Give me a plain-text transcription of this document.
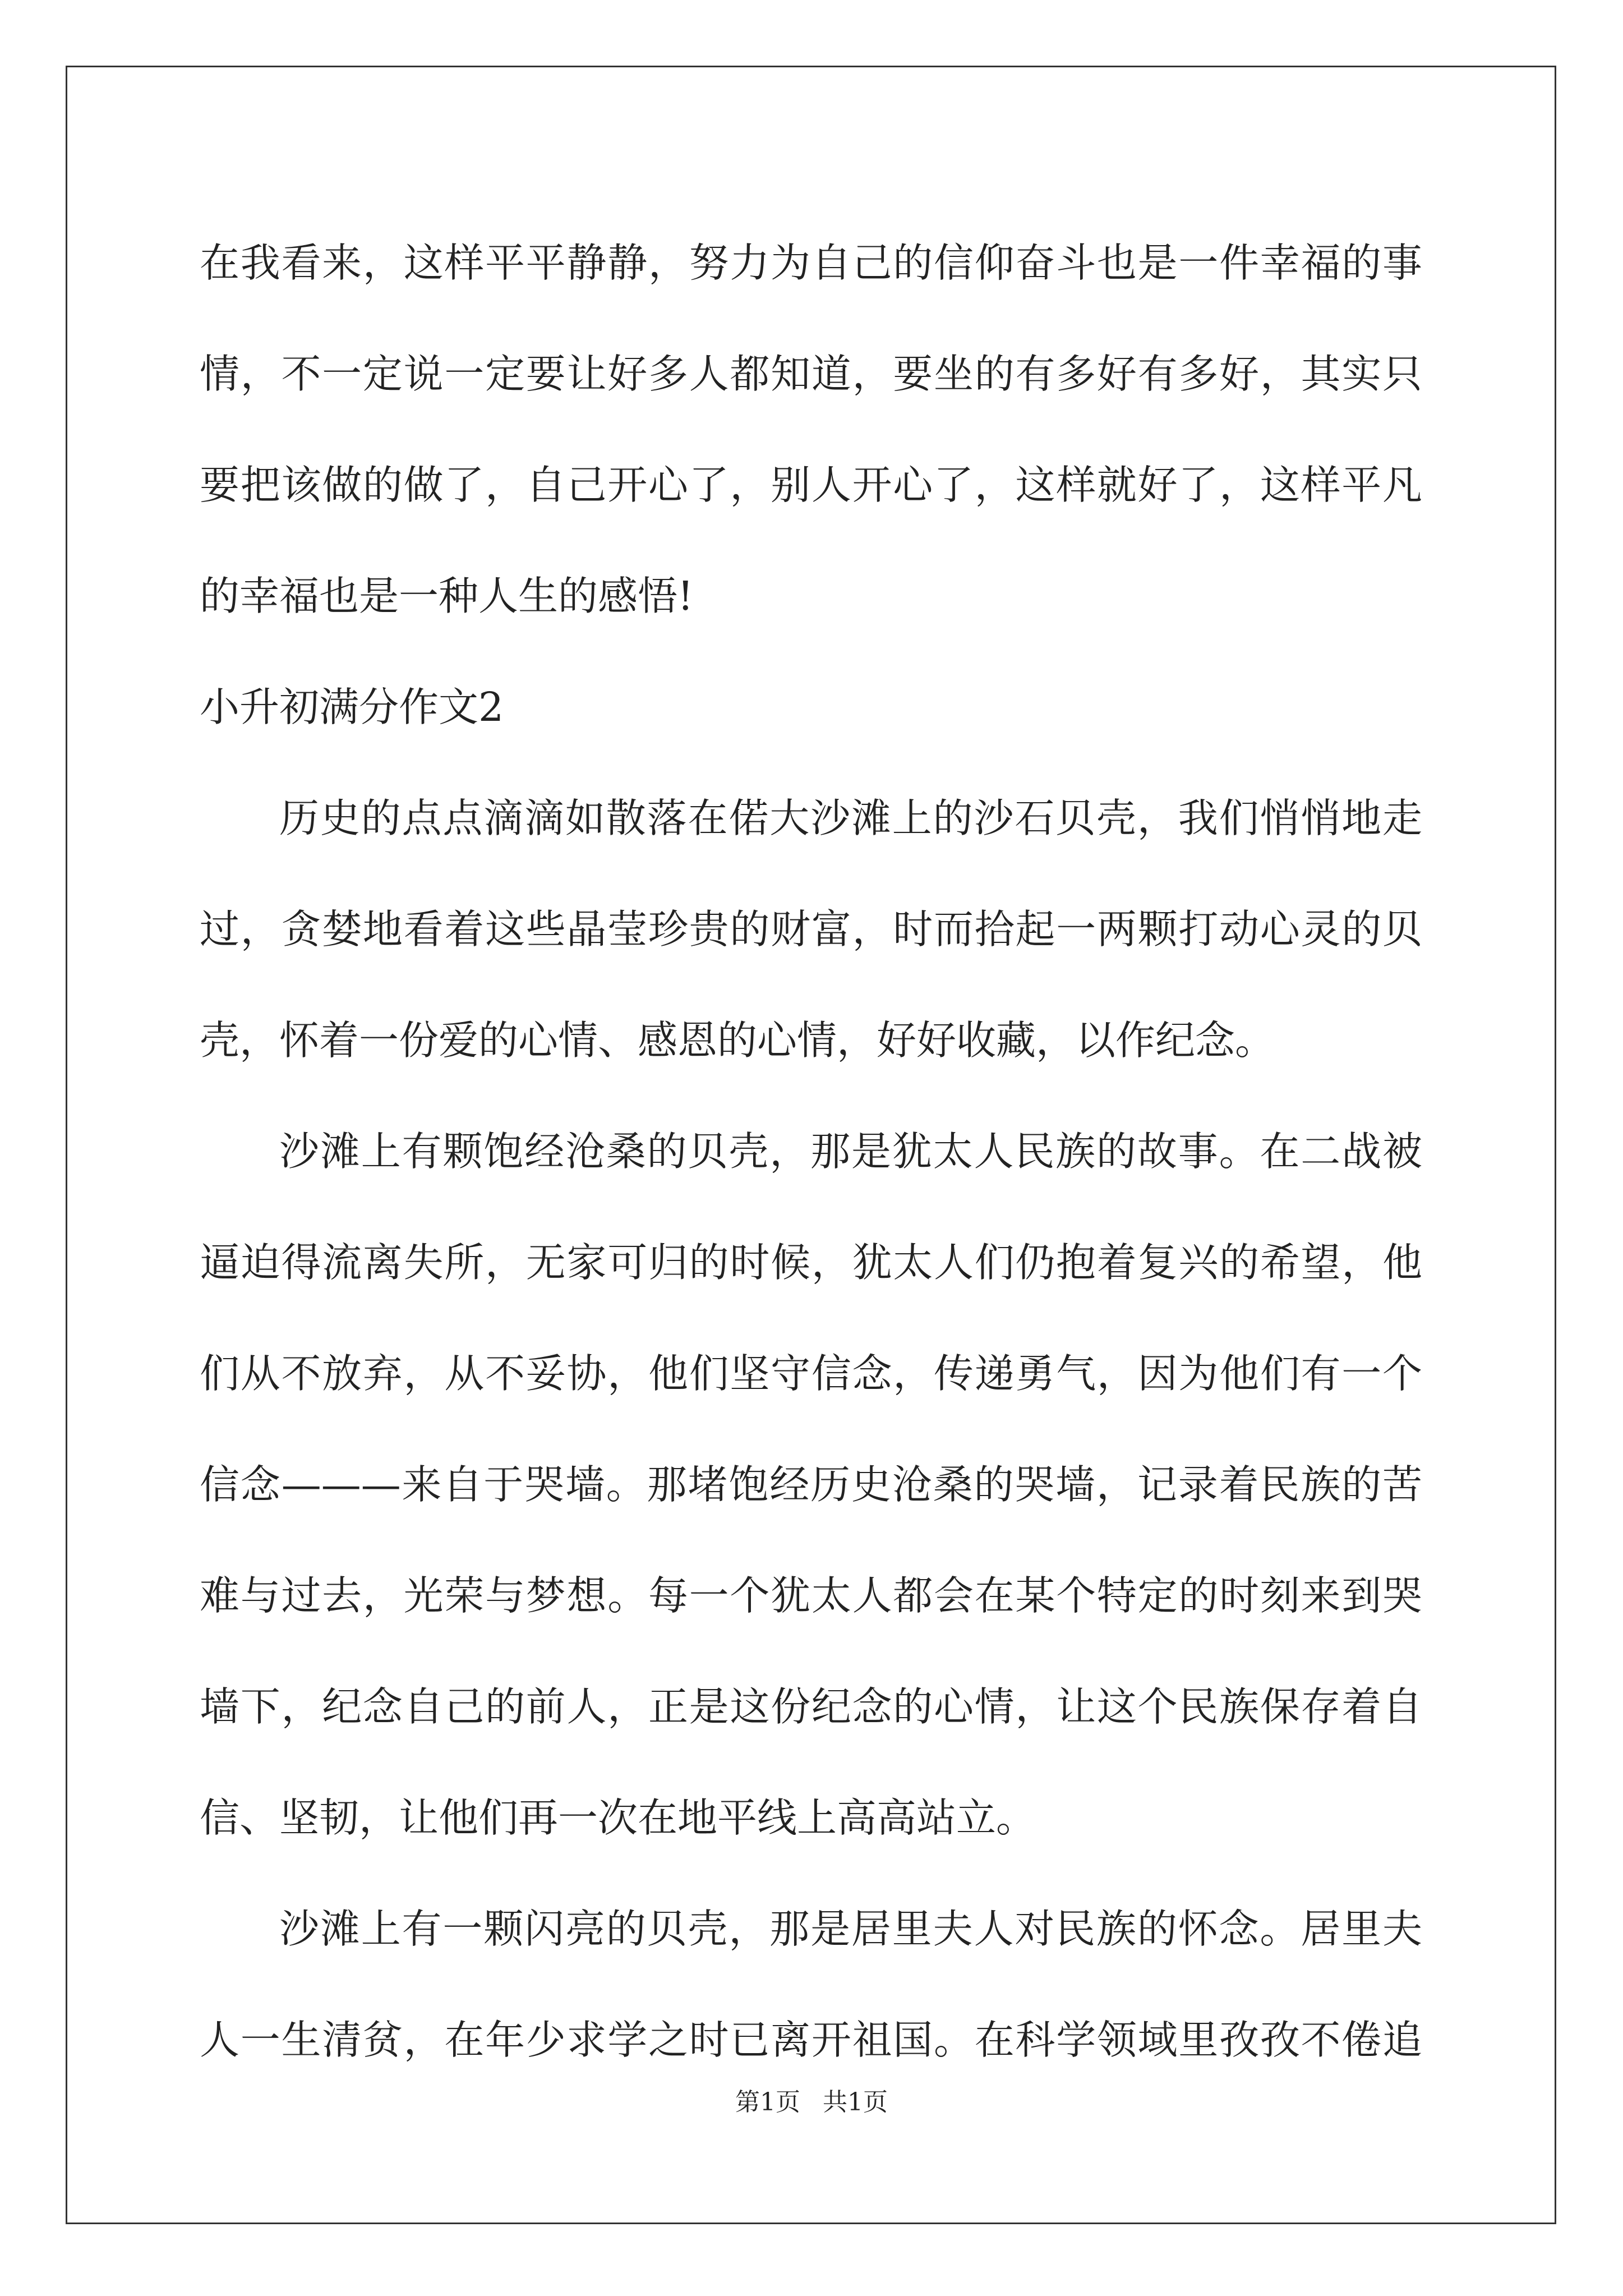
在我看来，这样平平静静，努力为自己的信仰奋斗也是一件幸福的事
情，不一定说一定要让好多人都知道，要坐的有多好有多好，其实只
要把该做的做了，自己开心了，别人开心了，这样就好了，这样平凡
的幸福也是一种人生的感悟!
小升初满分作文2
历史的点点滴滴如散落在偌大沙滩上的沙石贝壳，我们悄悄地走
过，贪婪地看着这些晶莹珍贵的财富，时而拾起一两颗打动心灵的贝
壳，怀着一份爱的心情、感恩的心情，好好收藏，以作纪念。
沙滩上有颗饱经沧桑的贝壳，那是犹太人民族的故事。在二战被
逼迫得流离失所，无家可归的时候，犹太人们仍抱着复兴的希望，他
们从不放弃，从不妥协，他们坚守信念，传递勇气，因为他们有一个
信念———来自于哭墙。那堵饱经历史沧桑的哭墙，记录着民族的苦
难与过去，光荣与梦想。每一个犹太人都会在某个特定的时刻来到哭
墙下，纪念自己的前人，正是这份纪念的心情，让这个民族保存着自
信、坚韧，让他们再一次在地平线上高高站立。
沙滩上有一颗闪亮的贝壳，那是居里夫人对民族的怀念。居里夫
人一生清贫，在年少求学之时已离开祖国。在科学领域里孜孜不倦追
第1页 共1页
